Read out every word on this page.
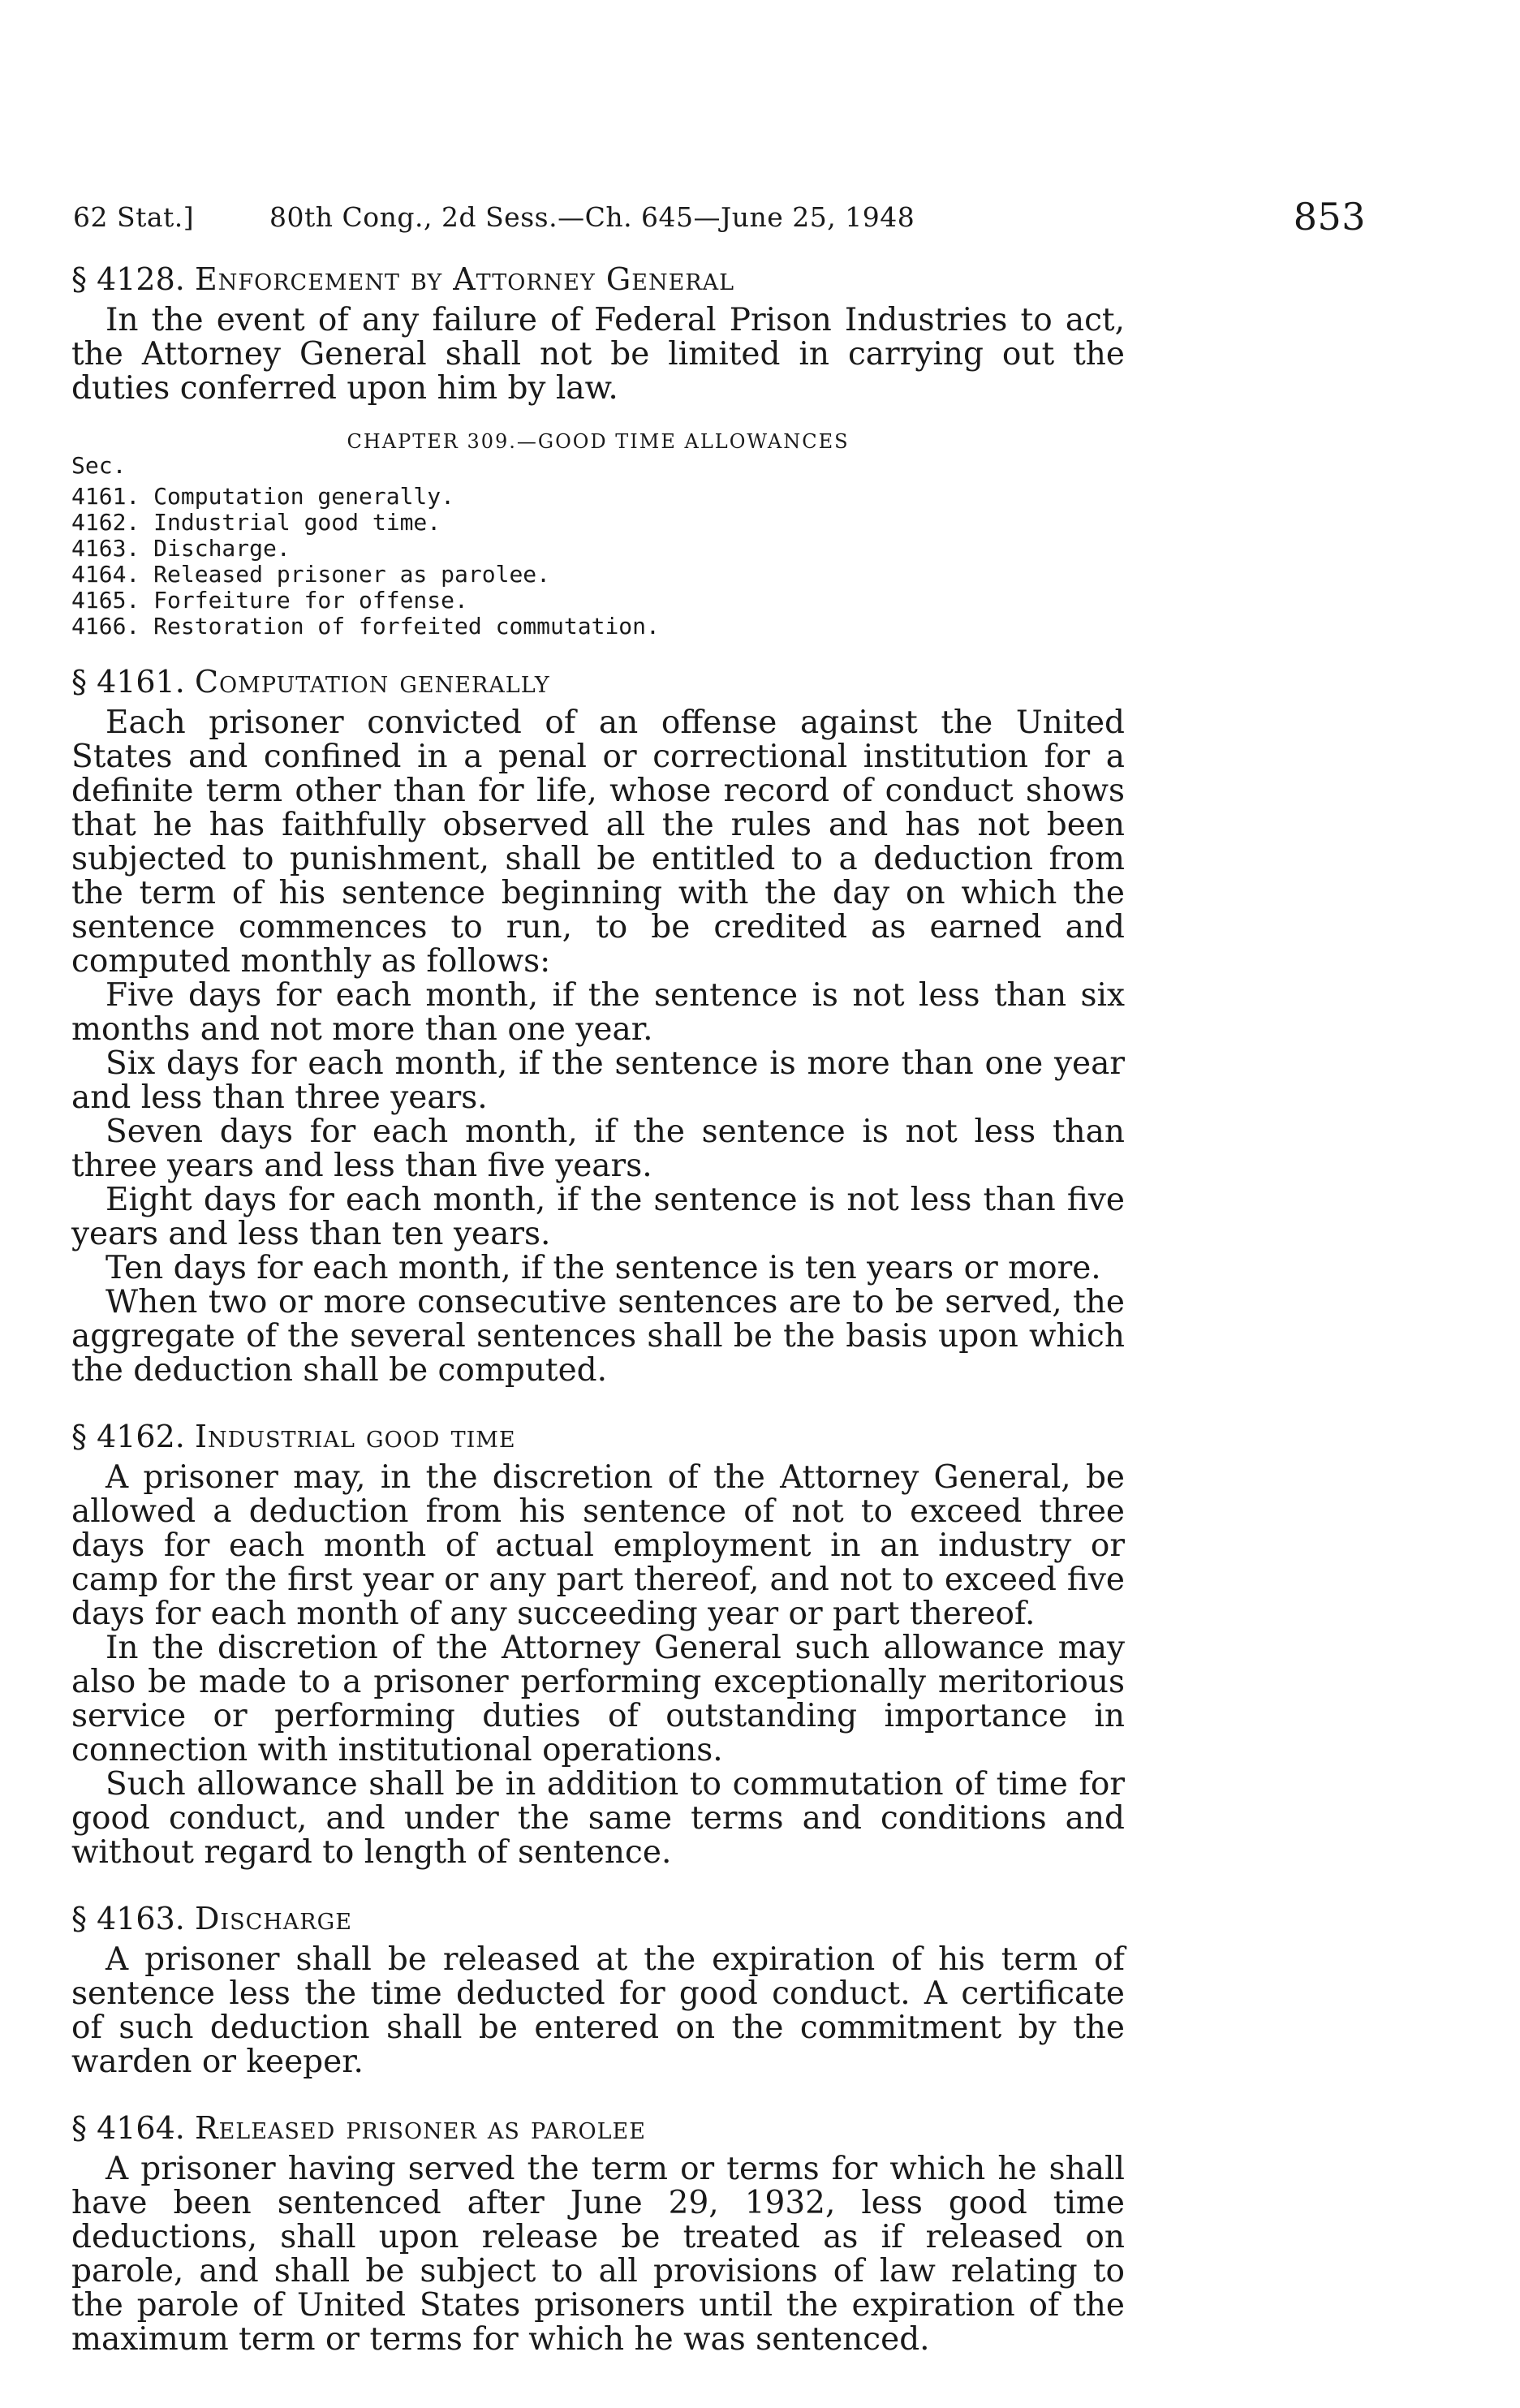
62 Stat.]	80th Cong., 2d Sess.—Ch. 645—June 25, 1948	853
§ 4128. Enforcement by Attorney General

In the event of any failure of Federal Prison Industries to act, the Attorney General shall not be limited in carrying out the duties conferred upon him by law.

CHAPTER 309.—GOOD TIME ALLOWANCES

Sec.
4161. Computation generally.
4162. Industrial good time.
4163. Discharge.
4164. Released prisoner as parolee.
4165. Forfeiture for offense.
4166. Restoration of forfeited commutation.
§ 4161. Computation generally

Each prisoner convicted of an offense against the United States and confined in a penal or correctional institution for a definite term other than for life, whose record of conduct shows that he has faithfully observed all the rules and has not been subjected to punishment, shall be entitled to a deduction from the term of his sentence beginning with the day on which the sentence commences to run, to be credited as earned and computed monthly as follows:

Five days for each month, if the sentence is not less than six months and not more than one year.

Six days for each month, if the sentence is more than one year and less than three years.

Seven days for each month, if the sentence is not less than three years and less than five years.

Eight days for each month, if the sentence is not less than five years and less than ten years.

Ten days for each month, if the sentence is ten years or more.

When two or more consecutive sentences are to be served, the aggregate of the several sentences shall be the basis upon which the deduction shall be computed.

§ 4162. Industrial good time

A prisoner may, in the discretion of the Attorney General, be allowed a deduction from his sentence of not to exceed three days for each month of actual employment in an industry or camp for the first year or any part thereof, and not to exceed five days for each month of any succeeding year or part thereof.

In the discretion of the Attorney General such allowance may also be made to a prisoner performing exceptionally meritorious service or performing duties of outstanding importance in connection with institutional operations.

Such allowance shall be in addition to commutation of time for good conduct, and under the same terms and conditions and without regard to length of sentence.

§ 4163. Discharge

A prisoner shall be released at the expiration of his term of sentence less the time deducted for good conduct. A certificate of such deduction shall be entered on the commitment by the warden or keeper.

§ 4164. Released prisoner as parolee

A prisoner having served the term or terms for which he shall have been sentenced after June 29, 1932, less good time deductions, shall upon release be treated as if released on parole, and shall be subject to all provisions of law relating to the parole of United States prisoners until the expiration of the maximum term or terms for which he was sentenced.
